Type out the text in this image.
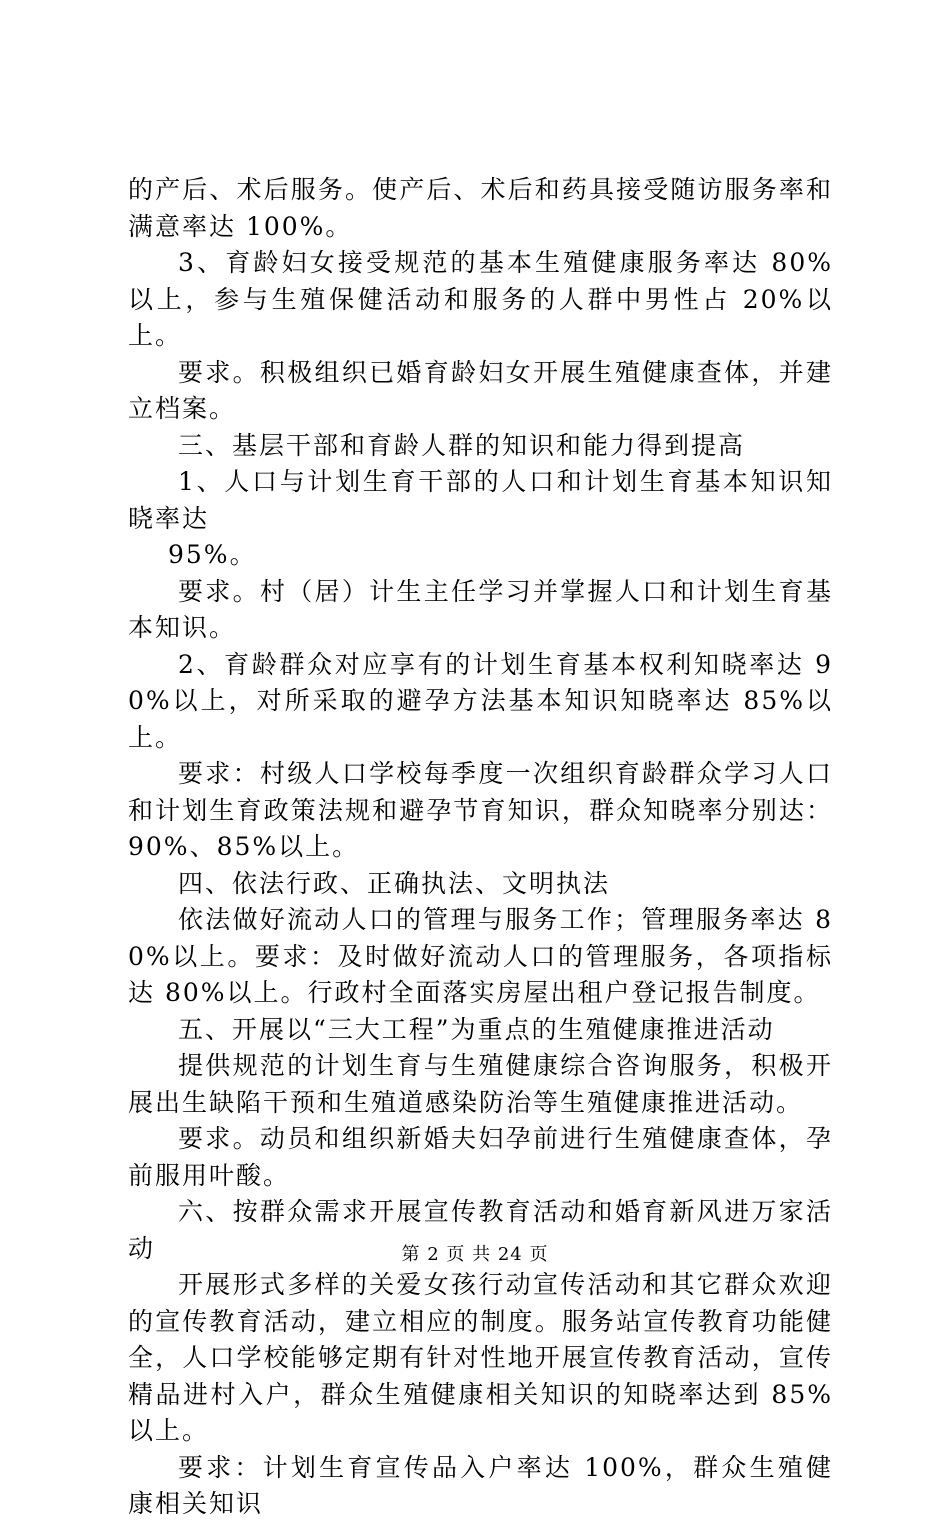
的产后、术后服务。使产后、术后和药具接受随访服务率和满意率达 100%。

3、育龄妇女接受规范的基本生殖健康服务率达 80%以上，参与生殖保健活动和服务的人群中男性占 20%以上。

要求。积极组织已婚育龄妇女开展生殖健康查体，并建立档案。

三、基层干部和育龄人群的知识和能力得到提高

1、人口与计划生育干部的人口和计划生育基本知识知晓率达

95%。

要求。村（居）计生主任学习并掌握人口和计划生育基本知识。

2、育龄群众对应享有的计划生育基本权利知晓率达 90%以上，对所采取的避孕方法基本知识知晓率达 85%以上。

要求：村级人口学校每季度一次组织育龄群众学习人口和计划生育政策法规和避孕节育知识，群众知晓率分别达：90%、85%以上。

四、依法行政、正确执法、文明执法

依法做好流动人口的管理与服务工作；管理服务率达 80%以上。要求：及时做好流动人口的管理服务，各项指标达 80%以上。行政村全面落实房屋出租户登记报告制度。

五、开展以“三大工程”为重点的生殖健康推进活动

提供规范的计划生育与生殖健康综合咨询服务，积极开展出生缺陷干预和生殖道感染防治等生殖健康推进活动。

要求。动员和组织新婚夫妇孕前进行生殖健康查体，孕前服用叶酸。

六、按群众需求开展宣传教育活动和婚育新风进万家活动

开展形式多样的关爱女孩行动宣传活动和其它群众欢迎的宣传教育活动，建立相应的制度。服务站宣传教育功能健全，人口学校能够定期有针对性地开展宣传教育活动，宣传精品进村入户，群众生殖健康相关知识的知晓率达到 85%以上。

要求：计划生育宣传品入户率达 100%，群众生殖健康相关知识

第 2 页 共 24 页
